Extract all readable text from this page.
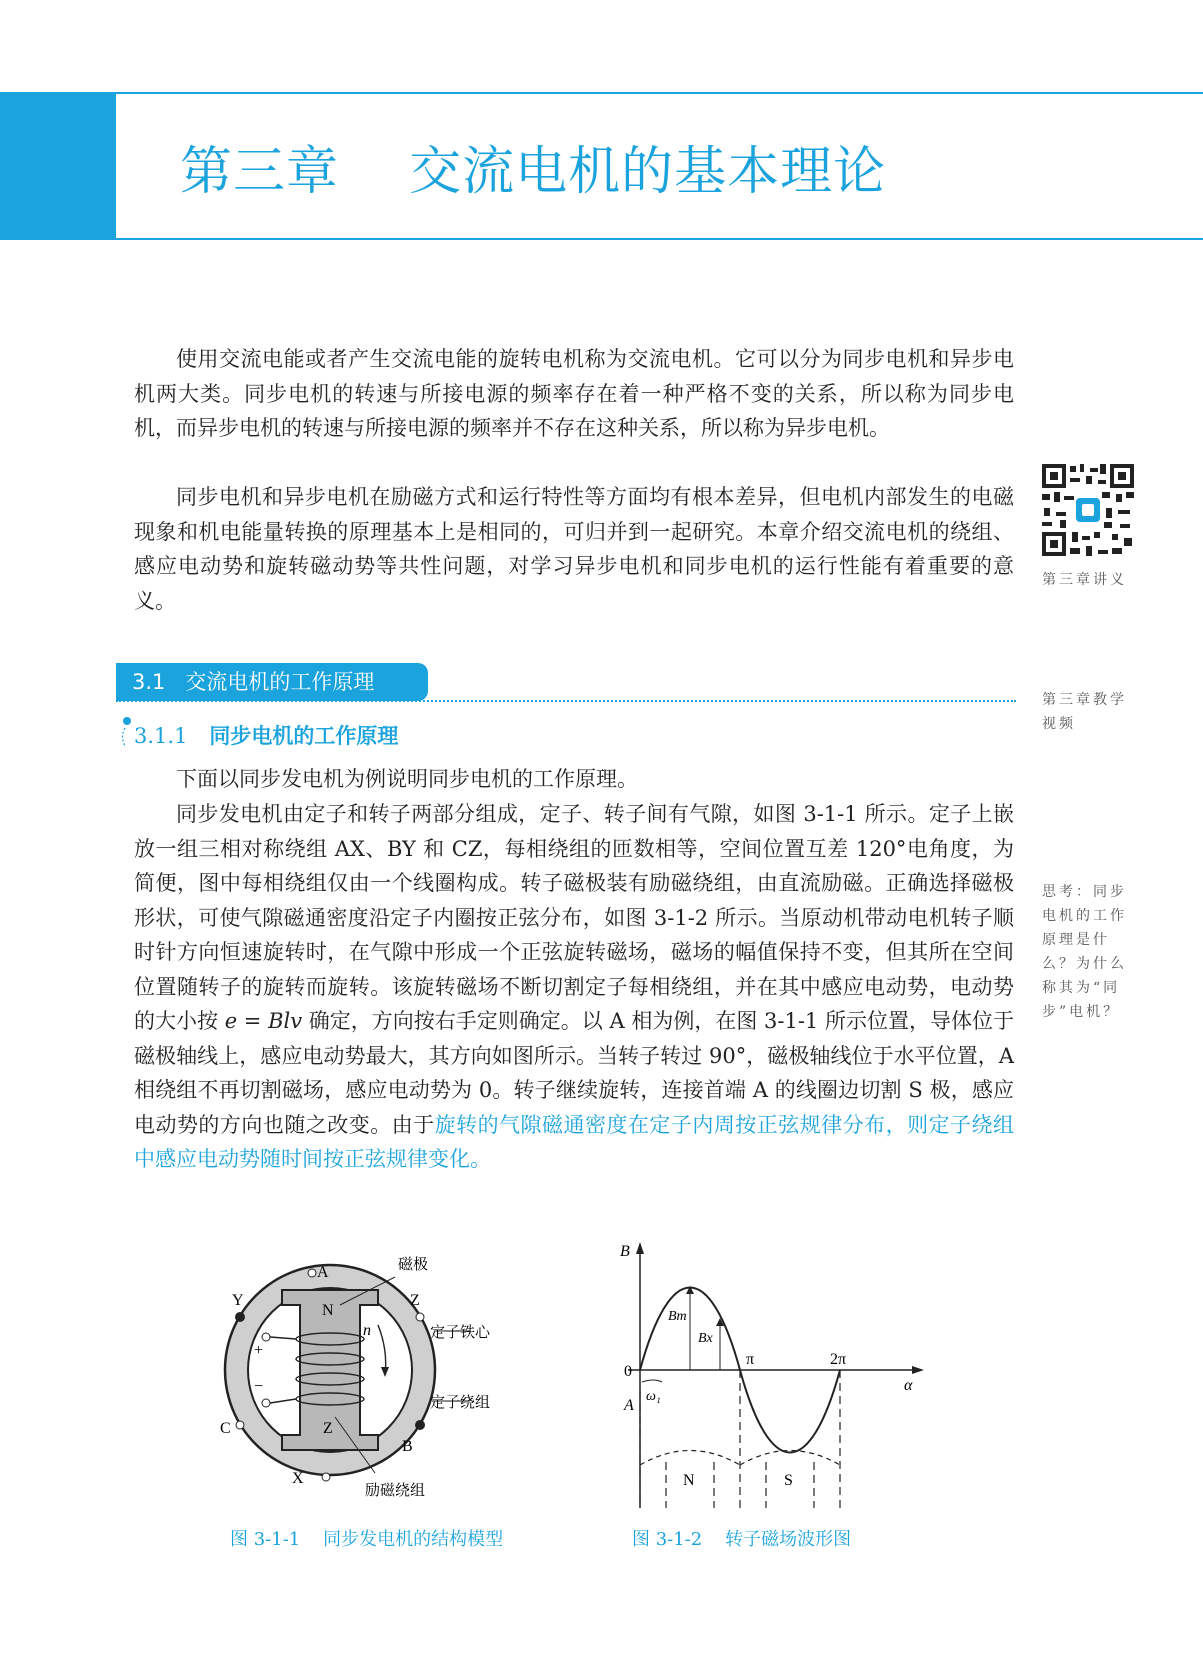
第三章    交流电机的基本理论

使用交流电能或者产生交流电能的旋转电机称为交流电机。它可以分为同步电机和异步电机两大类。同步电机的转速与所接电源的频率存在着一种严格不变的关系，所以称为同步电机，而异步电机的转速与所接电源的频率并不存在这种关系，所以称为异步电机。

同步电机和异步电机在励磁方式和运行特性等方面均有根本差异，但电机内部发生的电磁现象和机电能量转换的原理基本上是相同的，可归并到一起研究。本章介绍交流电机的绕组、感应电动势和旋转磁动势等共性问题，对学习异步电机和同步电机的运行性能有着重要的意义。

第三章讲义
第三章教学视频
思考：同步电机的工作原理是什么？为什么称其为“同步”电机？
3.1   交流电机的工作原理
3.1.1 同步电机的工作原理

下面以同步发电机为例说明同步电机的工作原理。

同步发电机由定子和转子两部分组成，定子、转子间有气隙，如图 3-1-1 所示。定子上嵌放一组三相对称绕组 AX、BY 和 CZ，每相绕组的匝数相等，空间位置互差 120°电角度，为简便，图中每相绕组仅由一个线圈构成。转子磁极装有励磁绕组，由直流励磁。正确选择磁极形状，可使气隙磁通密度沿定子内圈按正弦分布，如图 3-1-2 所示。当原动机带动电机转子顺时针方向恒速旋转时，在气隙中形成一个正弦旋转磁场，磁场的幅值保持不变，但其所在空间位置随转子的旋转而旋转。该旋转磁场不断切割定子每相绕组，并在其中感应电动势，电动势的大小按 e = Blv 确定，方向按右手定则确定。以 A 相为例，在图 3-1-1 所示位置，导体位于磁极轴线上，感应电动势最大，其方向如图所示。当转子转过 90°，磁极轴线位于水平位置，A 相绕组不再切割磁场，感应电动势为 0。转子继续旋转，连接首端 A 的线圈边切割 S 极，感应电动势的方向也随之改变。由于旋转的气隙磁通密度在定子内周按正弦规律分布，则定子绕组中感应电动势随时间按正弦规律变化。

A
Y	Z
C
B
X
N
Z
n
+
−
磁极
定子铁心
定子绕组
励磁绕组
图 3-1-1    同步发电机的结构模型
B
0
A
Bm
Bx
π	2π
α
ω₁
N	S
图 3-1-2    转子磁场波形图
